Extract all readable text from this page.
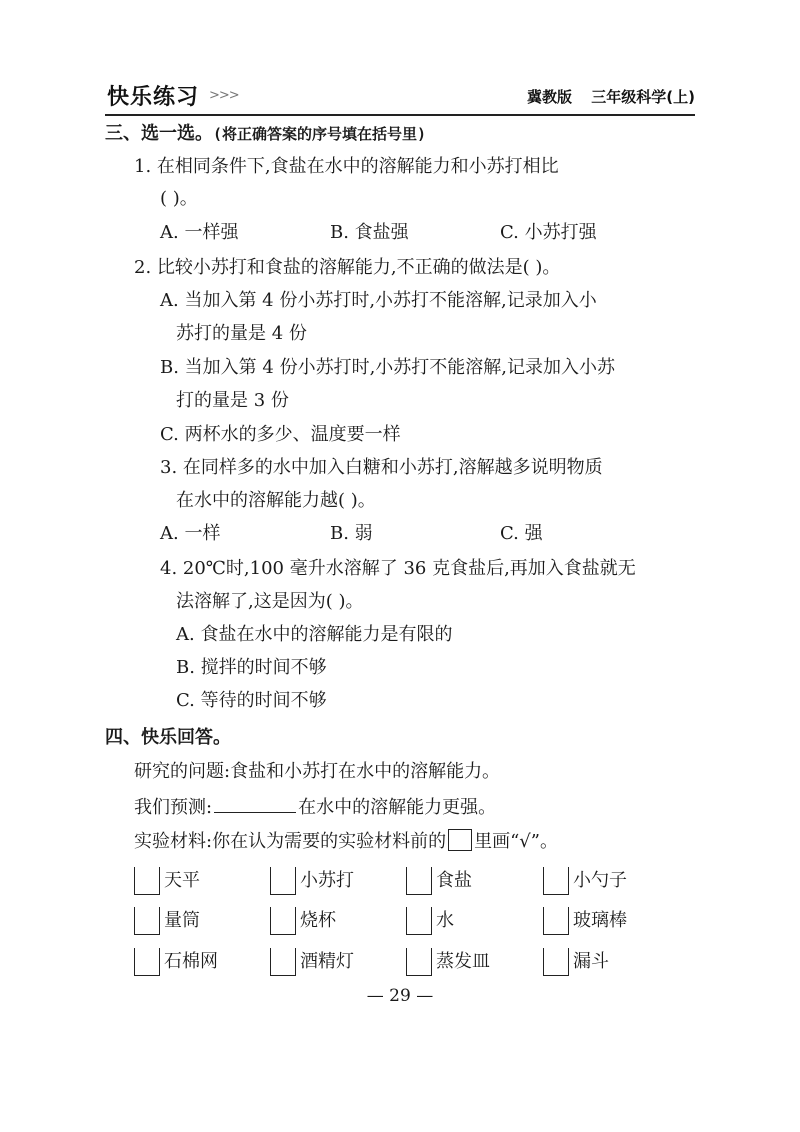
快乐练习 >>>	冀教版 三年级科学(上)
三、选一选。(将正确答案的序号填在括号里)
1. 在相同条件下,食盐在水中的溶解能力和小苏打相比
( )。
A. 一样强	B. 食盐强	C. 小苏打强
2. 比较小苏打和食盐的溶解能力,不正确的做法是( )。
A. 当加入第 4 份小苏打时,小苏打不能溶解,记录加入小
苏打的量是 4 份
B. 当加入第 4 份小苏打时,小苏打不能溶解,记录加入小苏
打的量是 3 份
C. 两杯水的多少、温度要一样
3. 在同样多的水中加入白糖和小苏打,溶解越多说明物质
在水中的溶解能力越( )。
A. 一样	B. 弱	C. 强
4. 20℃时,100 毫升水溶解了 36 克食盐后,再加入食盐就无
法溶解了,这是因为( )。
A. 食盐在水中的溶解能力是有限的
B. 搅拌的时间不够
C. 等待的时间不够
四、快乐回答。
研究的问题:食盐和小苏打在水中的溶解能力。
我们预测:	在水中的溶解能力更强。
实验材料:你在认为需要的实验材料前的 里画“√”。
天平	小苏打	食盐	小勺子
量筒	烧杯	水	玻璃棒
石棉网	酒精灯	蒸发皿	漏斗
— 29 —
